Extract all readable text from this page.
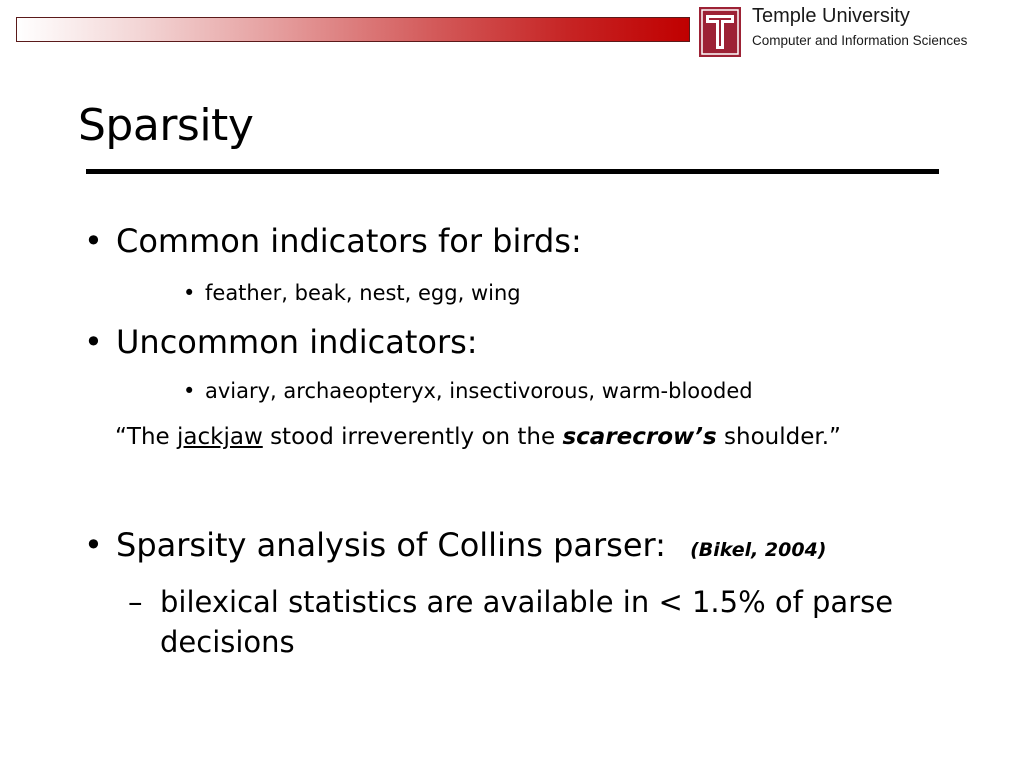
Temple University
Computer and Information Sciences
Sparsity
• Common indicators for birds:
• feather, beak, nest, egg, wing
• Uncommon indicators:
• aviary, archaeopteryx, insectivorous, warm-blooded
“The jackjaw stood irreverently on the scarecrow’s shoulder.”
• Sparsity analysis of Collins parser: (Bikel, 2004)
– bilexical statistics are available in < 1.5% of parse decisions
